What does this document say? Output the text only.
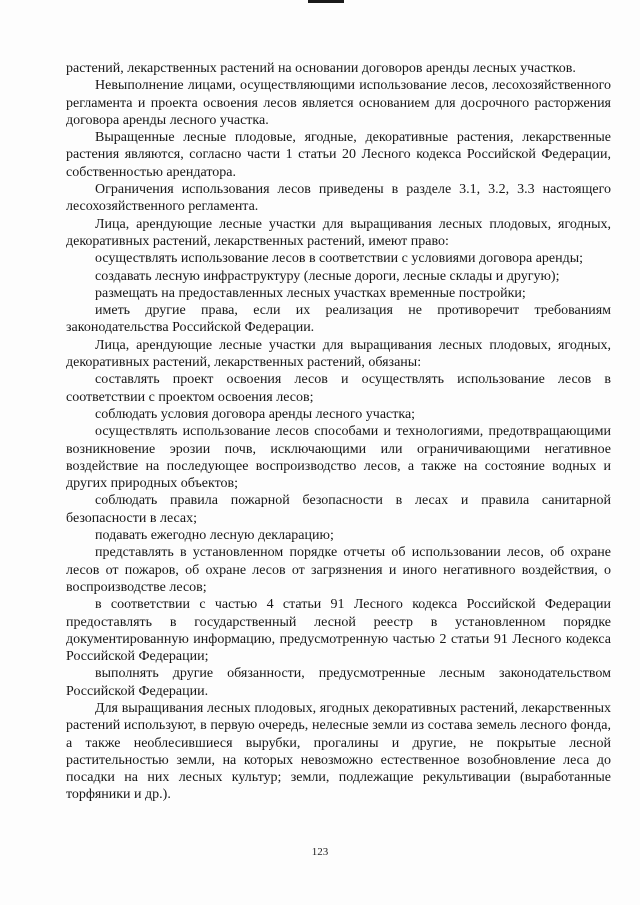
растений, лекарственных растений на основании договоров аренды лесных участков.

Невыполнение лицами, осуществляющими использование лесов, лесохозяйственного регламента и проекта освоения лесов является основанием для досрочного расторжения договора аренды лесного участка.

Выращенные лесные плодовые, ягодные, декоративные растения, лекарственные растения являются, согласно части 1 статьи 20 Лесного кодекса Российской Федерации, собственностью арендатора.

Ограничения использования лесов приведены в разделе 3.1, 3.2, 3.3 настоящего лесохозяйственного регламента.

Лица, арендующие лесные участки для выращивания лесных плодовых, ягодных, декоративных растений, лекарственных растений, имеют право:

осуществлять использование лесов в соответствии с условиями договора аренды;

создавать лесную инфраструктуру (лесные дороги, лесные склады и другую);

размещать на предоставленных лесных участках временные постройки;

иметь другие права, если их реализация не противоречит требованиям законодательства Российской Федерации.

Лица, арендующие лесные участки для выращивания лесных плодовых, ягодных, декоративных растений, лекарственных растений, обязаны:

составлять проект освоения лесов и осуществлять использование лесов в соответствии с проектом освоения лесов;

соблюдать условия договора аренды лесного участка;

осуществлять использование лесов способами и технологиями, предотвращающими возникновение эрозии почв, исключающими или ограничивающими негативное воздействие на последующее воспроизводство лесов, а также на состояние водных и других природных объектов;

соблюдать правила пожарной безопасности в лесах и правила санитарной безопасности в лесах;

подавать ежегодно лесную декларацию;

представлять в установленном порядке отчеты об использовании лесов, об охране лесов от пожаров, об охране лесов от загрязнения и иного негативного воздействия, о воспроизводстве лесов;

в соответствии с частью 4 статьи 91 Лесного кодекса Российской Федерации предоставлять в государственный лесной реестр в установленном порядке документированную информацию, предусмотренную частью 2 статьи 91 Лесного кодекса Российской Федерации;

выполнять другие обязанности, предусмотренные лесным законодательством Российской Федерации.

Для выращивания лесных плодовых, ягодных декоративных растений, лекарственных растений используют, в первую очередь, нелесные земли из состава земель лесного фонда, а также необлесившиеся вырубки, прогалины и другие, не покрытые лесной растительностью земли, на которых невозможно естественное возобновление леса до посадки на них лесных культур; земли, подлежащие рекультивации (выработанные торфяники и др.).

123
